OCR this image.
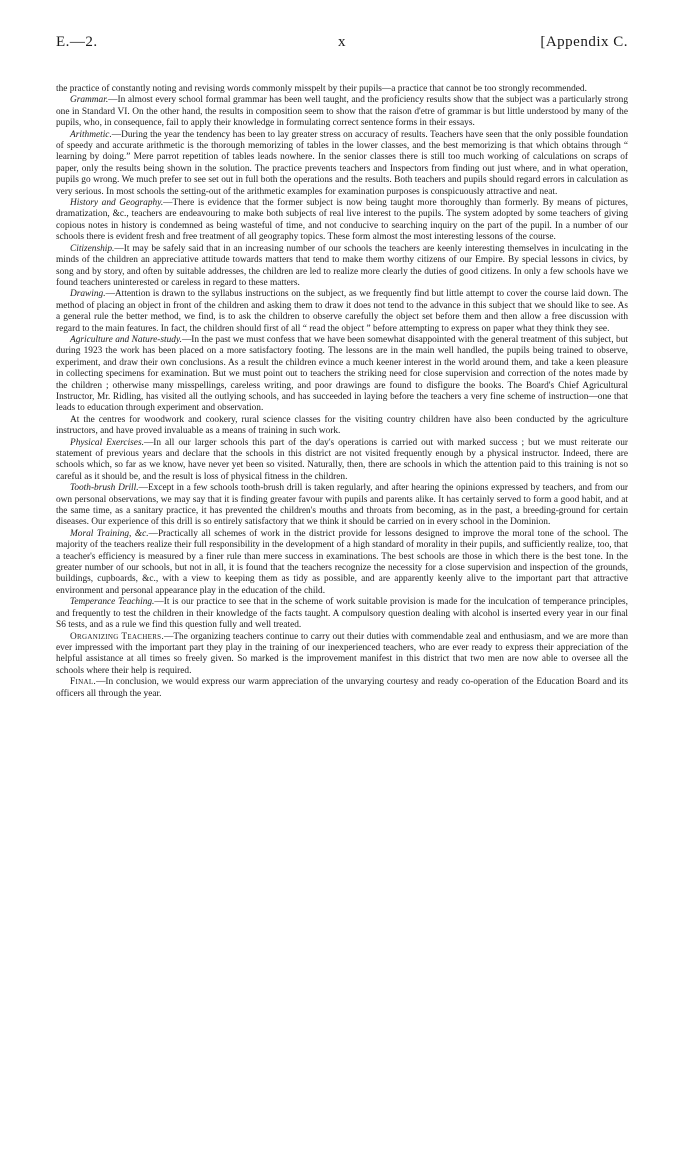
E.—2.	x	[Appendix C.

the practice of constantly noting and revising words commonly misspelt by their pupils—a practice that cannot be too strongly recommended.

Grammar.—In almost every school formal grammar has been well taught, and the proficiency results show that the subject was a particularly strong one in Standard VI. On the other hand, the results in composition seem to show that the raison d'etre of grammar is but little understood by many of the pupils, who, in consequence, fail to apply their knowledge in formulating correct sentence forms in their essays.

Arithmetic.—During the year the tendency has been to lay greater stress on accuracy of results. Teachers have seen that the only possible foundation of speedy and accurate arithmetic is the thorough memorizing of tables in the lower classes, and the best memorizing is that which obtains through “ learning by doing.” Mere parrot repetition of tables leads nowhere. In the senior classes there is still too much working of calculations on scraps of paper, only the results being shown in the solution. The practice prevents teachers and Inspectors from finding out just where, and in what operation, pupils go wrong. We much prefer to see set out in full both the operations and the results. Both teachers and pupils should regard errors in calculation as very serious. In most schools the setting-out of the arithmetic examples for examination purposes is conspicuously attractive and neat.

History and Geography.—There is evidence that the former subject is now being taught more thoroughly than formerly. By means of pictures, dramatization, &c., teachers are endeavouring to make both subjects of real live interest to the pupils. The system adopted by some teachers of giving copious notes in history is condemned as being wasteful of time, and not conducive to searching inquiry on the part of the pupil. In a number of our schools there is evident fresh and free treatment of all geography topics. These form almost the most interesting lessons of the course.

Citizenship.—It may be safely said that in an increasing number of our schools the teachers are keenly interesting themselves in inculcating in the minds of the children an appreciative attitude towards matters that tend to make them worthy citizens of our Empire. By special lessons in civics, by song and by story, and often by suitable addresses, the children are led to realize more clearly the duties of good citizens. In only a few schools have we found teachers uninterested or careless in regard to these matters.

Drawing.—Attention is drawn to the syllabus instructions on the subject, as we frequently find but little attempt to cover the course laid down. The method of placing an object in front of the children and asking them to draw it does not tend to the advance in this subject that we should like to see. As a general rule the better method, we find, is to ask the children to observe carefully the object set before them and then allow a free discussion with regard to the main features. In fact, the children should first of all “ read the object ” before attempting to express on paper what they think they see.

Agriculture and Nature-study.—In the past we must confess that we have been somewhat disappointed with the general treatment of this subject, but during 1923 the work has been placed on a more satisfactory footing. The lessons are in the main well handled, the pupils being trained to observe, experiment, and draw their own conclusions. As a result the children evince a much keener interest in the world around them, and take a keen pleasure in collecting specimens for examination. But we must point out to teachers the striking need for close supervision and correction of the notes made by the children ; otherwise many misspellings, careless writing, and poor drawings are found to disfigure the books. The Board's Chief Agricultural Instructor, Mr. Ridling, has visited all the outlying schools, and has succeeded in laying before the teachers a very fine scheme of instruction—one that leads to education through experiment and observation.

At the centres for woodwork and cookery, rural science classes for the visiting country children have also been conducted by the agriculture instructors, and have proved invaluable as a means of training in such work.

Physical Exercises.—In all our larger schools this part of the day's operations is carried out with marked success ; but we must reiterate our statement of previous years and declare that the schools in this district are not visited frequently enough by a physical instructor. Indeed, there are schools which, so far as we know, have never yet been so visited. Naturally, then, there are schools in which the attention paid to this training is not so careful as it should be, and the result is loss of physical fitness in the children.

Tooth-brush Drill.—Except in a few schools tooth-brush drill is taken regularly, and after hearing the opinions expressed by teachers, and from our own personal observations, we may say that it is finding greater favour with pupils and parents alike. It has certainly served to form a good habit, and at the same time, as a sanitary practice, it has prevented the children's mouths and throats from becoming, as in the past, a breeding-ground for certain diseases. Our experience of this drill is so entirely satisfactory that we think it should be carried on in every school in the Dominion.

Moral Training, &c.—Practically all schemes of work in the district provide for lessons designed to improve the moral tone of the school. The majority of the teachers realize their full responsibility in the development of a high standard of morality in their pupils, and sufficiently realize, too, that a teacher's efficiency is measured by a finer rule than mere success in examinations. The best schools are those in which there is the best tone. In the greater number of our schools, but not in all, it is found that the teachers recognize the necessity for a close supervision and inspection of the grounds, buildings, cupboards, &c., with a view to keeping them as tidy as possible, and are apparently keenly alive to the important part that attractive environment and personal appearance play in the education of the child.

Temperance Teaching.—It is our practice to see that in the scheme of work suitable provision is made for the inculcation of temperance principles, and frequently to test the children in their knowledge of the facts taught. A compulsory question dealing with alcohol is inserted every year in our final S6 tests, and as a rule we find this question fully and well treated.

Organizing Teachers.—The organizing teachers continue to carry out their duties with commendable zeal and enthusiasm, and we are more than ever impressed with the important part they play in the training of our inexperienced teachers, who are ever ready to express their appreciation of the helpful assistance at all times so freely given. So marked is the improvement manifest in this district that two men are now able to oversee all the schools where their help is required.

Final.—In conclusion, we would express our warm appreciation of the unvarying courtesy and ready co-operation of the Education Board and its officers all through the year.
